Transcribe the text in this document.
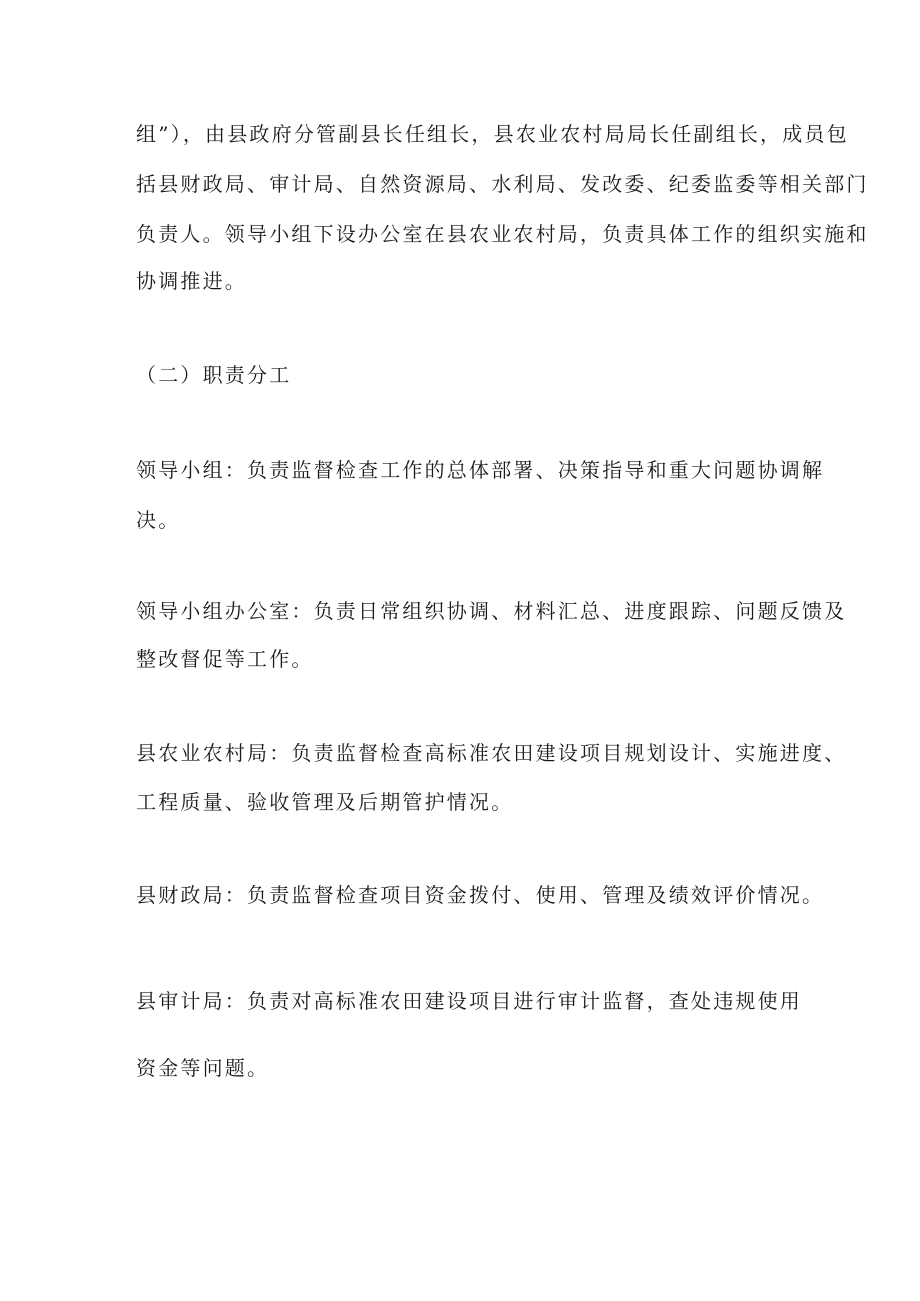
组”），由县政府分管副县长任组长，县农业农村局局长任副组长，成员包
括县财政局、审计局、自然资源局、水利局、发改委、纪委监委等相关部门
负责人。领导小组下设办公室在县农业农村局，负责具体工作的组织实施和
协调推进。
（二）职责分工
领导小组：负责监督检查工作的总体部署、决策指导和重大问题协调解
决。
领导小组办公室：负责日常组织协调、材料汇总、进度跟踪、问题反馈及
整改督促等工作。
县农业农村局：负责监督检查高标准农田建设项目规划设计、实施进度、
工程质量、验收管理及后期管护情况。
县财政局：负责监督检查项目资金拨付、使用、管理及绩效评价情况。
县审计局：负责对高标准农田建设项目进行审计监督，查处违规使用
资金等问题。
